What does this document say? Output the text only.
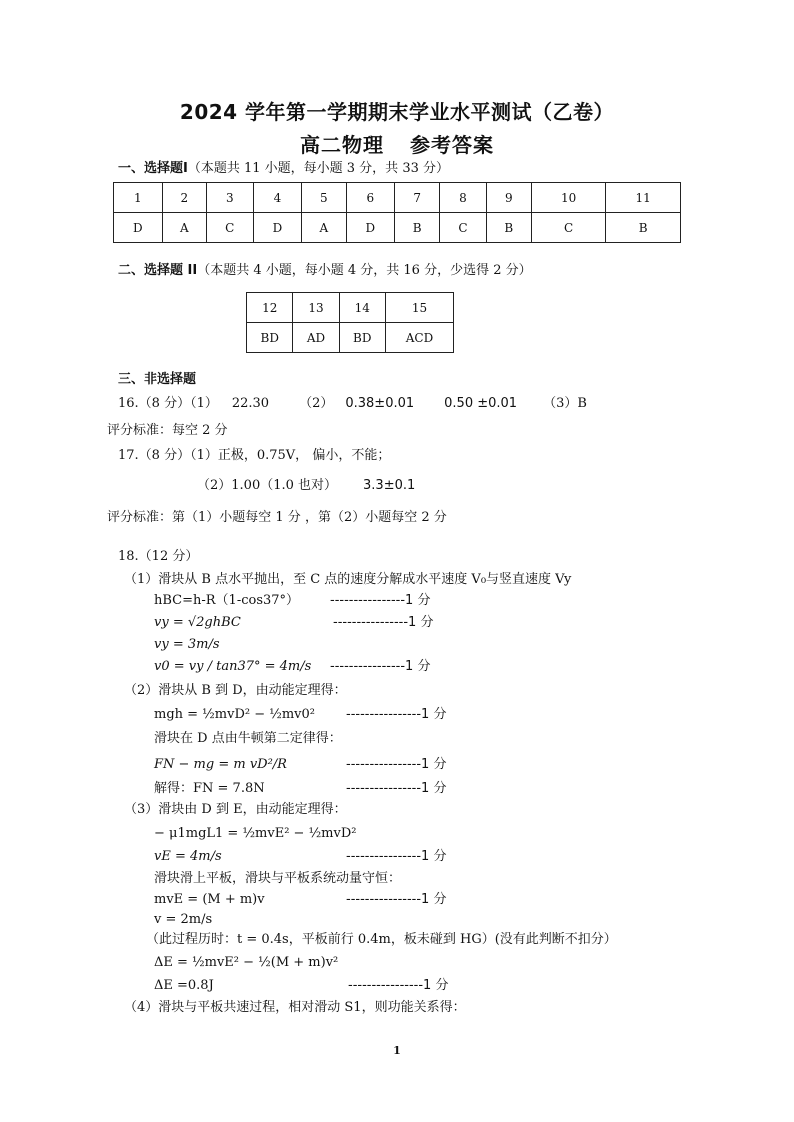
2024 学年第一学期期末学业水平测试（乙卷）
高二物理 参考答案
一、选择题I（本题共 11 小题，每小题 3 分，共 33 分）
1	2	3	4	5	6	7	8	9	10	11
D	A	C	D	A	D	B	C	B	C	B
二、选择题 II（本题共 4 小题，每小题 4 分，共 16 分，少选得 2 分）
12	13	14	15
BD	AD	BD	ACD
三、非选择题
16.（8 分）（1） 22.30 （2） 0.38±0.01 0.50 ±0.01 （3）B
评分标准：每空 2 分
17.（8 分）（1）正极，0.75V， 偏小，不能；
（2）1.00（1.0 也对） 3.3±0.1
评分标准：第（1）小题每空 1 分 ，第（2）小题每空 2 分
18.（12 分）
（1）滑块从 B 点水平抛出，至 C 点的速度分解成水平速度 V₀与竖直速度 Vy
hBC=h-R（1-cos37°） ----------------1 分
vy = √2ghBC	----------------1 分
vy = 3m/s
v0 = vy / tan37° = 4m/s ----------------1 分
（2）滑块从 B 到 D，由动能定理得：
mgh = ½mvD² − ½mv0² ----------------1 分
滑块在 D 点由牛顿第二定律得：
FN − mg = m vD²/R	----------------1 分
解得：FN = 7.8N	----------------1 分
（3）滑块由 D 到 E，由动能定理得：
− μ1mgL1 = ½mvE² − ½mvD²
vE = 4m/s	----------------1 分
滑块滑上平板，滑块与平板系统动量守恒：
mvE = (M + m)v	----------------1 分
v = 2m/s
（此过程历时：t = 0.4s，平板前行 0.4m，板未碰到 HG）(没有此判断不扣分）
ΔE = ½mvE² − ½(M + m)v²
ΔE =0.8J	----------------1 分
（4）滑块与平板共速过程，相对滑动 S1，则功能关系得：
1
